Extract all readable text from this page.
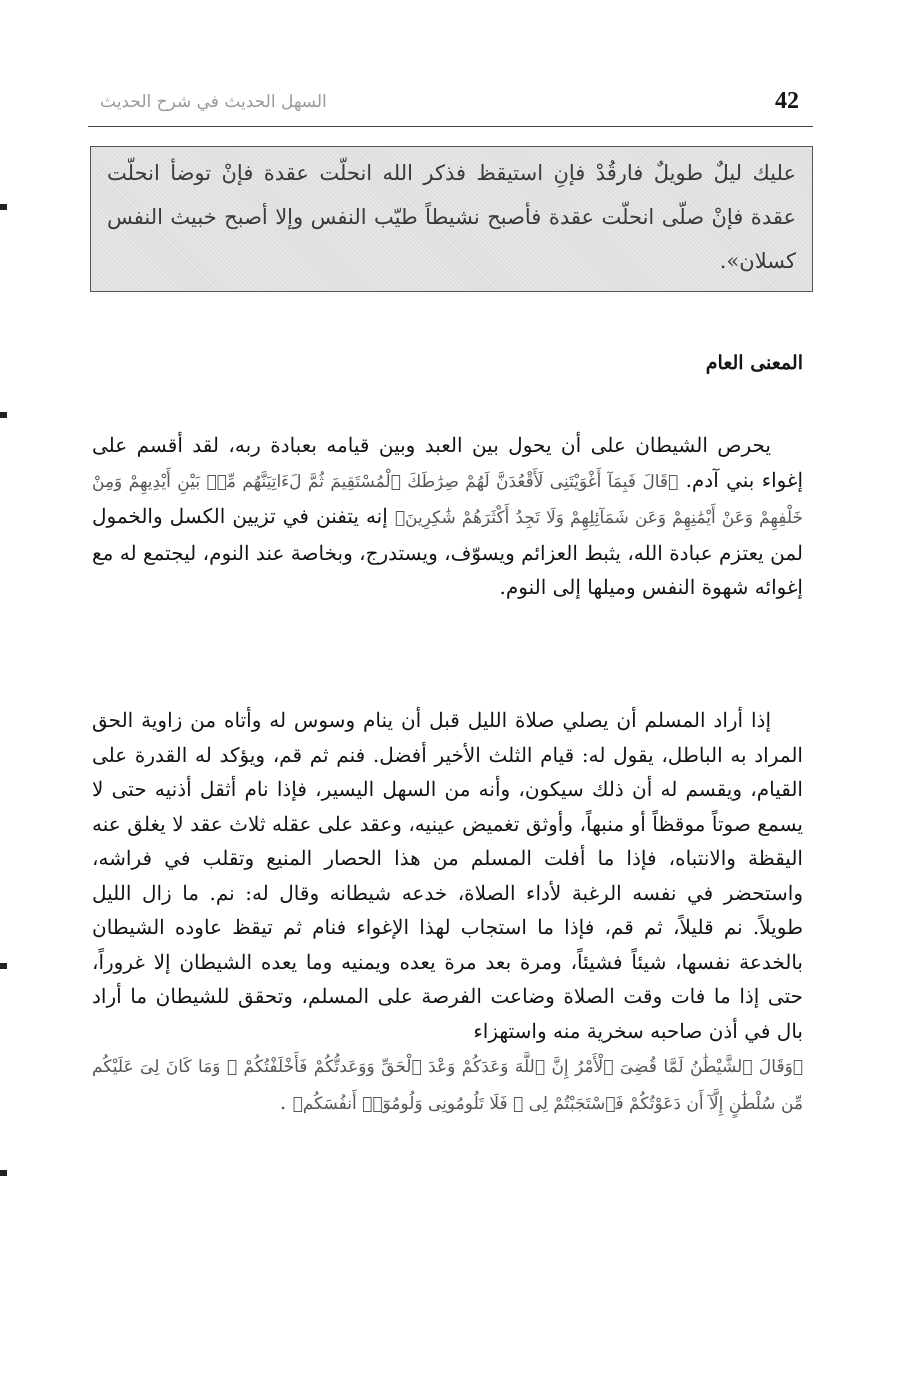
42
السهل الحديث في شرح الحديث

عليك ليلٌ طويلٌ فارقُدْ فإنِ استيقظ فذكر الله انحلّت عقدة فإنْ توضأ انحلّت عقدة فإنْ صلّى انحلّت عقدة فأصبح نشيطاً طيّب النفس وإلا أصبح خبيث النفس كسلان».

المعنى العام

يحرص الشيطان على أن يحول بين العبد وبين قيامه بعبادة ربه، لقد أقسم على إغواء بني آدم. ﴿قَالَ فَبِمَآ أَغْوَيْتَنِى لَأَقْعُدَنَّ لَهُمْ صِرَٰطَكَ ٱلْمُسْتَقِيمَ ثُمَّ لَءَاتِيَنَّهُم مِّنۢ بَيْنِ أَيْدِيهِمْ وَمِنْ خَلْفِهِمْ وَعَنْ أَيْمَٰنِهِمْ وَعَن شَمَآئِلِهِمْ وَلَا تَجِدُ أَكْثَرَهُمْ شَٰكِرِينَ﴾ إنه يتفنن في تزيين الكسل والخمول لمن يعتزم عبادة الله، يثبط العزائم ويسوّف، ويستدرج، وبخاصة عند النوم، ليجتمع له مع إغوائه شهوة النفس وميلها إلى النوم.

إذا أراد المسلم أن يصلي صلاة الليل قبل أن ينام وسوس له وأتاه من زاوية الحق المراد به الباطل، يقول له: قيام الثلث الأخير أفضل. فنم ثم قم، ويؤكد له القدرة على القيام، ويقسم له أن ذلك سيكون، وأنه من السهل اليسير، فإذا نام أثقل أذنيه حتى لا يسمع صوتاً موقظاً أو منبهاً، وأوثق تغميض عينيه، وعقد على عقله ثلاث عقد لا يغلق عنه اليقظة والانتباه، فإذا ما أفلت المسلم من هذا الحصار المنيع وتقلب في فراشه، واستحضر في نفسه الرغبة لأداء الصلاة، خدعه شيطانه وقال له: نم. ما زال الليل طويلاً. نم قليلاً، ثم قم، فإذا ما استجاب لهذا الإغواء فنام ثم تيقظ عاوده الشيطان بالخدعة نفسها، شيئاً فشيئاً، ومرة بعد مرة يعده ويمنيه وما يعده الشيطان إلا غروراً، حتى إذا ما فات وقت الصلاة وضاعت الفرصة على المسلم، وتحقق للشيطان ما أراد بال في أذن صاحبه سخرية منه واستهزاء

﴿وَقَالَ ٱلشَّيْطَٰنُ لَمَّا قُضِىَ ٱلْأَمْرُ إِنَّ ٱللَّهَ وَعَدَكُمْ وَعْدَ ٱلْحَقِّ وَوَعَدتُّكُمْ فَأَخْلَفْتُكُمْ ۖ وَمَا كَانَ لِىَ عَلَيْكُم مِّن سُلْطَٰنٍ إِلَّآ أَن دَعَوْتُكُمْ فَٱسْتَجَبْتُمْ لِى ۖ فَلَا تَلُومُونِى وَلُومُوٓا۟ أَنفُسَكُم﴾ .
